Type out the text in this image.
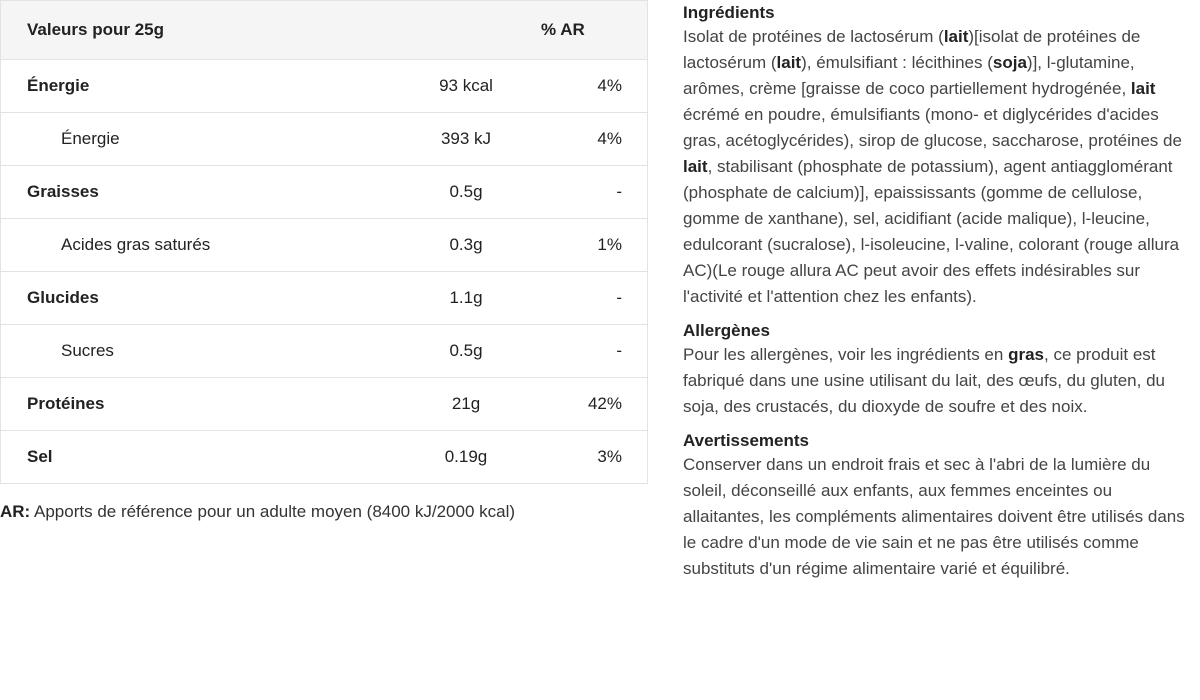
Valeurs pour 25g		% AR
Énergie	93 kcal	4%
Énergie	393 kJ	4%
Graisses	0.5g	-
Acides gras saturés	0.3g	1%
Glucides	1.1g	-
Sucres	0.5g	-
Protéines	21g	42%
Sel	0.19g	3%
AR: Apports de référence pour un adulte moyen (8400 kJ/2000 kcal)
Ingrédients

Isolat de protéines de lactosérum (lait)[isolat de protéines de lactosérum (lait), émulsifiant : lécithines (soja)], l-glutamine, arômes, crème [graisse de coco partiellement hydrogénée, lait écrémé en poudre, émulsifiants (mono- et diglycérides d'acides gras, acétoglycérides), sirop de glucose, saccharose, protéines de lait, stabilisant (phosphate de potassium), agent antiagglomérant (phosphate de calcium)], epaississants (gomme de cellulose, gomme de xanthane), sel, acidifiant (acide malique), l-leucine, edulcorant (sucralose), l-isoleucine, l-valine, colorant (rouge allura AC)(Le rouge allura AC peut avoir des effets indésirables sur l'activité et l'attention chez les enfants).

Allergènes

Pour les allergènes, voir les ingrédients en gras, ce produit est fabriqué dans une usine utilisant du lait, des œufs, du gluten, du soja, des crustacés, du dioxyde de soufre et des noix.

Avertissements

Conserver dans un endroit frais et sec à l'abri de la lumière du soleil, déconseillé aux enfants, aux femmes enceintes ou allaitantes, les compléments alimentaires doivent être utilisés dans le cadre d'un mode de vie sain et ne pas être utilisés comme substituts d'un régime alimentaire varié et équilibré.
